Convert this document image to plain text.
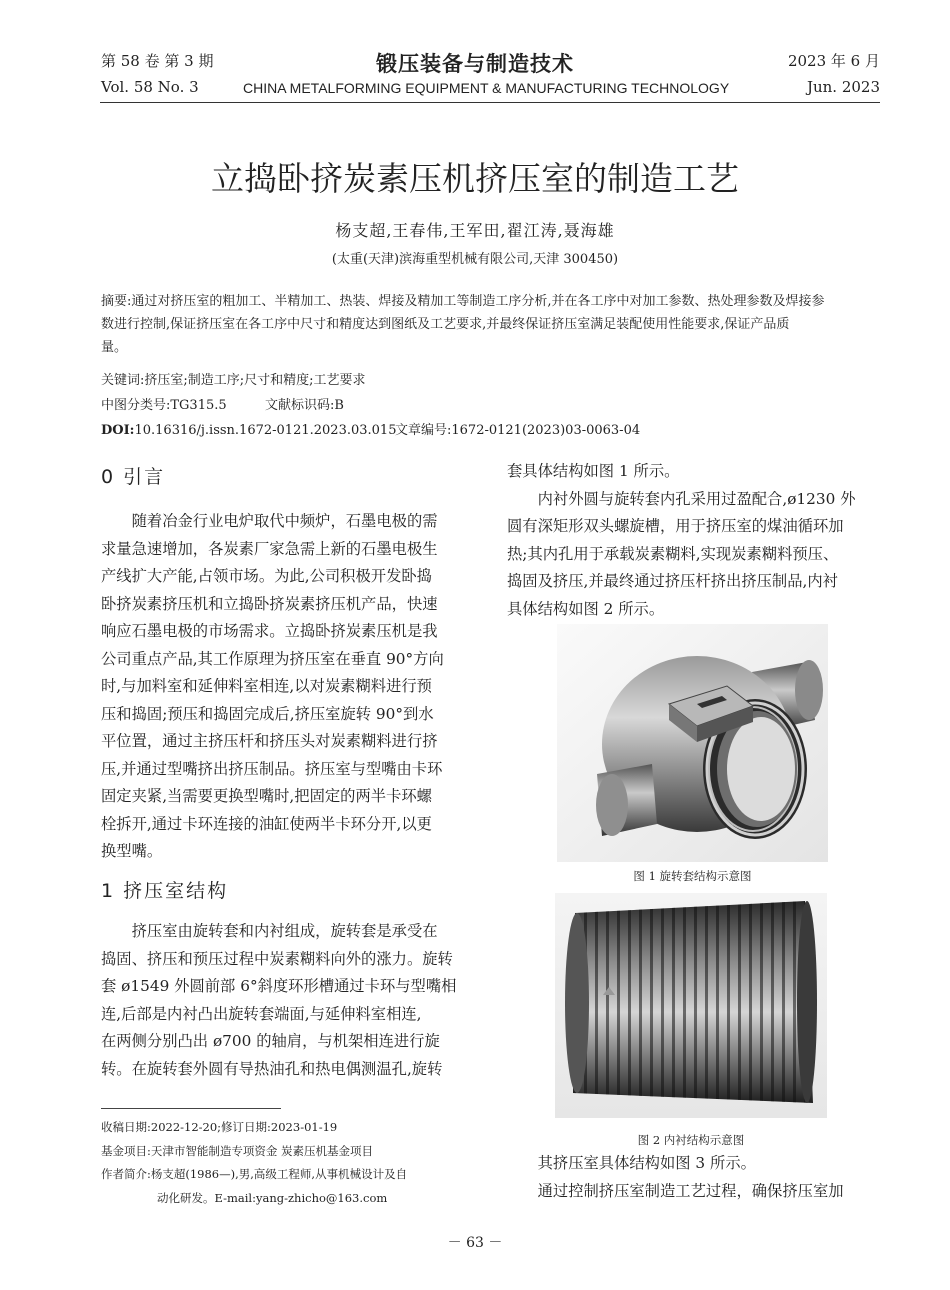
第 58 卷 第 3 期	锻压装备与制造技术	2023 年 6 月
Vol. 58 No. 3	CHINA METALFORMING EQUIPMENT & MANUFACTURING TECHNOLOGY	Jun. 2023
立捣卧挤炭素压机挤压室的制造工艺
杨支超,王春伟,王军田,翟江涛,聂海雄
(太重(天津)滨海重型机械有限公司,天津 300450)
摘要:通过对挤压室的粗加工、半精加工、热装、焊接及精加工等制造工序分析,并在各工序中对加工参数、热处理参数及焊接参
数进行控制,保证挤压室在各工序中尺寸和精度达到图纸及工艺要求,并最终保证挤压室满足装配使用性能要求,保证产品质
量。
关键词:挤压室;制造工序;尺寸和精度;工艺要求
中图分类号:TG315.5	文献标识码:B
DOI:10.16316/j.issn.1672-0121.2023.03.015
文章编号:1672-0121(2023)03-0063-04
0 引言
随着冶金行业电炉取代中频炉，石墨电极的需
求量急速增加，各炭素厂家急需上新的石墨电极生
产线扩大产能,占领市场。为此,公司积极开发卧捣
卧挤炭素挤压机和立捣卧挤炭素挤压机产品，快速
响应石墨电极的市场需求。立捣卧挤炭素压机是我
公司重点产品,其工作原理为挤压室在垂直 90°方向
时,与加料室和延伸料室相连,以对炭素糊料进行预
压和捣固;预压和捣固完成后,挤压室旋转 90°到水
平位置，通过主挤压杆和挤压头对炭素糊料进行挤
压,并通过型嘴挤出挤压制品。挤压室与型嘴由卡环
固定夹紧,当需要更换型嘴时,把固定的两半卡环螺
栓拆开,通过卡环连接的油缸使两半卡环分开,以更
换型嘴。
1 挤压室结构
挤压室由旋转套和内衬组成，旋转套是承受在
捣固、挤压和预压过程中炭素糊料向外的涨力。旋转
套 ø1549 外圆前部 6°斜度环形槽通过卡环与型嘴相
连,后部是内衬凸出旋转套端面,与延伸料室相连,
在两侧分别凸出 ø700 的轴肩，与机架相连进行旋
转。在旋转套外圆有导热油孔和热电偶测温孔,旋转
收稿日期:2022-12-20;修订日期:2023-01-19
基金项目:天津市智能制造专项资金 炭素压机基金项目
作者简介:杨支超(1986—),男,高级工程师,从事机械设计及自
动化研发。E-mail:yang-zhicho@163.com
套具体结构如图 1 所示。
内衬外圆与旋转套内孔采用过盈配合,ø1230 外
圆有深矩形双头螺旋槽，用于挤压室的煤油循环加
热;其内孔用于承载炭素糊料,实现炭素糊料预压、
捣固及挤压,并最终通过挤压杆挤出挤压制品,内衬
具体结构如图 2 所示。
图 1 旋转套结构示意图
图 2 内衬结构示意图
其挤压室具体结构如图 3 所示。
通过控制挤压室制造工艺过程，确保挤压室加
－ 63 －
